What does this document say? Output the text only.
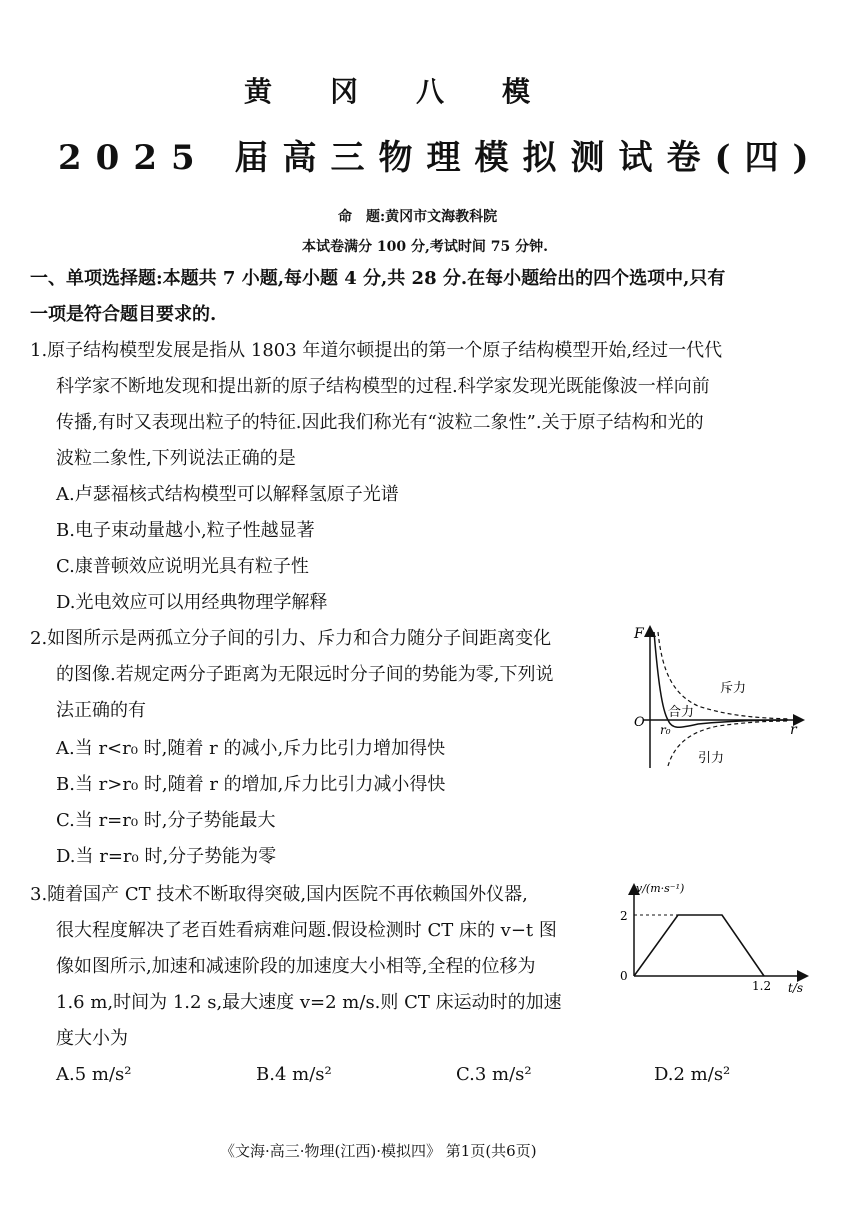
黄冈八模
2025 届高三物理模拟测试卷(四)
命　题:黄冈市文海教科院
本试卷满分 100 分,考试时间 75 分钟.
一、单项选择题:本题共 7 小题,每小题 4 分,共 28 分.在每小题给出的四个选项中,只有
一项是符合题目要求的.
1.原子结构模型发展是指从 1803 年道尔顿提出的第一个原子结构模型开始,经过一代代
科学家不断地发现和提出新的原子结构模型的过程.科学家发现光既能像波一样向前
传播,有时又表现出粒子的特征.因此我们称光有“波粒二象性”.关于原子结构和光的
波粒二象性,下列说法正确的是
A.卢瑟福核式结构模型可以解释氢原子光谱
B.电子束动量越小,粒子性越显著
C.康普顿效应说明光具有粒子性
D.光电效应可以用经典物理学解释
2.如图所示是两孤立分子间的引力、斥力和合力随分子间距离变化
的图像.若规定两分子距离为无限远时分子间的势能为零,下列说
法正确的有
A.当 r<r₀ 时,随着 r 的减小,斥力比引力增加得快
B.当 r>r₀ 时,随着 r 的增加,斥力比引力减小得快
C.当 r=r₀ 时,分子势能最大
D.当 r=r₀ 时,分子势能为零
F
r
O r₀
斥力
合力
引力
3.随着国产 CT 技术不断取得突破,国内医院不再依赖国外仪器,
很大程度解决了老百姓看病难问题.假设检测时 CT 床的 v−t 图
像如图所示,加速和减速阶段的加速度大小相等,全程的位移为
1.6 m,时间为 1.2 s,最大速度 v=2 m/s.则 CT 床运动时的加速
度大小为
A.5 m/s²	B.4 m/s²	C.3 m/s²	D.2 m/s²
v/(m·s⁻¹)
t/s
2
1.2
0
《文海·高三·物理(江西)·模拟四》 第1页(共6页)
